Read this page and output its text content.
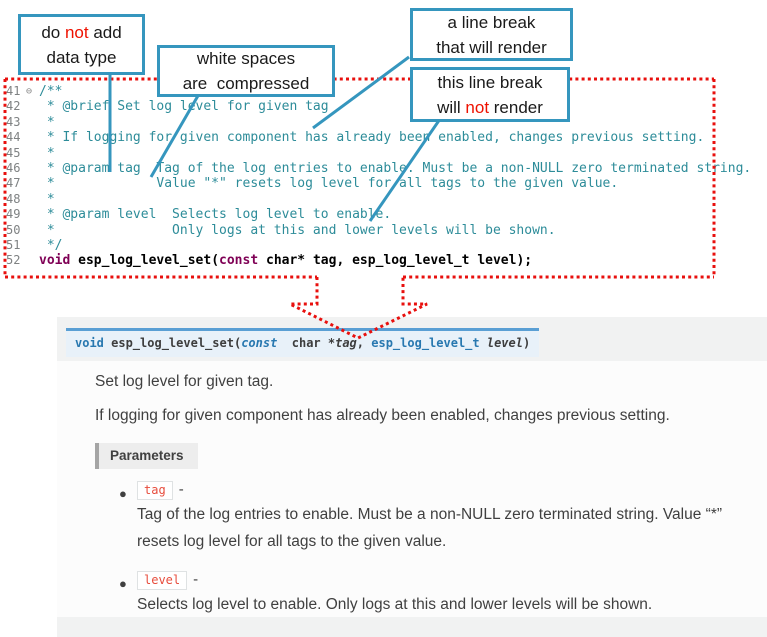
41 ⊖ /**
42	* @brief Set log level for given tag
43	*
44	* If logging for given component has already been enabled, changes previous setting.
45	*
46	* @param tag  Tag of the log entries to enable. Must be a non-NULL zero terminated string.
47	*             Value "*" resets log level for all tags to the given value.
48	*
49	* @param level  Selects log level to enable.
50	*               Only logs at this and lower levels will be shown.
51	*/
52	void esp_log_level_set( const char* tag, esp_log_level_t level);
do not add
data type	white spaces
are  compressed
a line break
that will render
this line break
will not render
void esp_log_level_set(const  char *tag, esp_log_level_t level)
Set log level for given tag.
If logging for given component has already been enabled, changes previous setting.
Parameters
●	tag -
Tag of the log entries to enable. Must be a non-NULL zero terminated string. Value “*” resets log level for all tags to the given value.
●	level -
Selects log level to enable. Only logs at this and lower levels will be shown.
